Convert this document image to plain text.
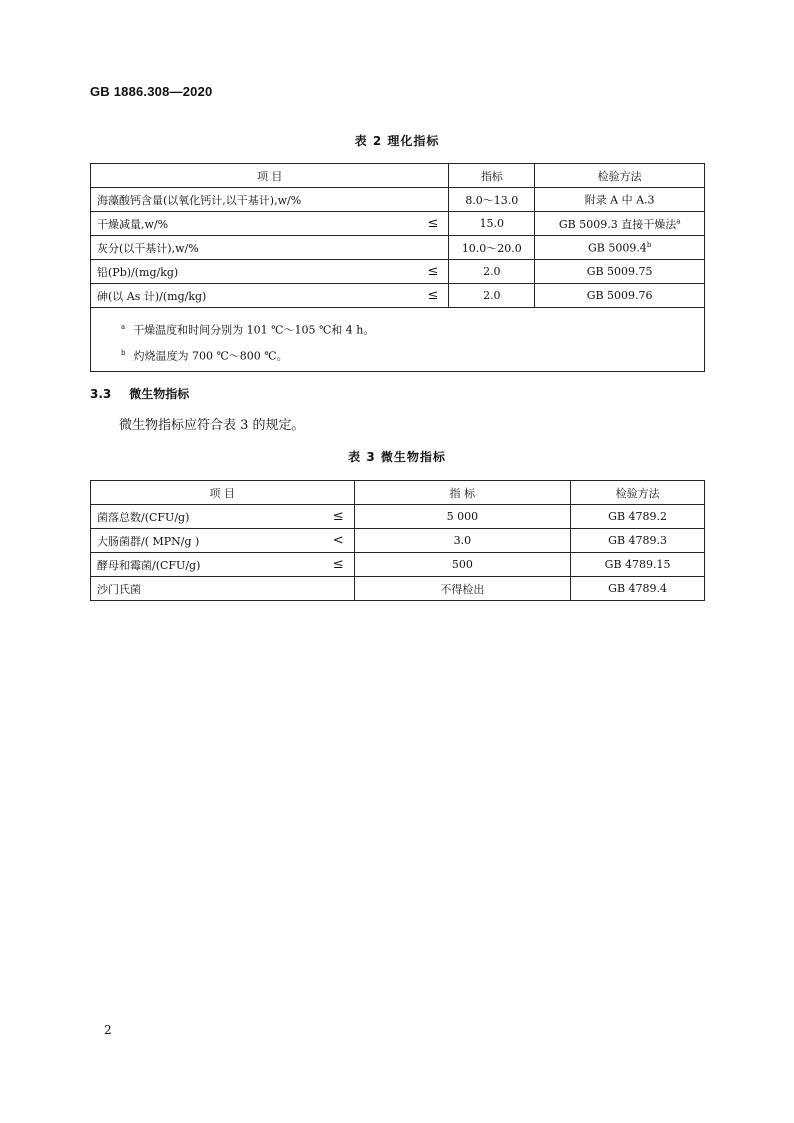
GB 1886.308—2020
表 2 理化指标
项 目	指标	检验方法

海藻酸钙含量(以氧化钙计,以干基计),w/%	8.0～13.0	附录 A 中 A.3

干燥减量,w/% ≤	15.0	GB 5009.3 直接干燥法$^a$

灰分(以干基计),w/%	10.0～20.0	GB 5009.4$^b$

铅(Pb)/(mg/kg) ≤	2.0	GB 5009.75

砷(以 As 计)/(mg/kg) ≤	2.0	GB 5009.76

$^a$ 干燥温度和时间分别为 101 ℃～105 ℃和 4 h。
$^b$ 灼烧温度为 700 ℃～800 ℃。		
3.3 微生物指标
微生物指标应符合表 3 的规定。
表 3 微生物指标
项 目	指 标	检验方法

菌落总数/(CFU/g) ≤	5 000	GB 4789.2

大肠菌群/( MPN/g ) <	3.0	GB 4789.3

酵母和霉菌/(CFU/g) ≤	500	GB 4789.15

沙门氏菌	不得检出	GB 4789.4
2
